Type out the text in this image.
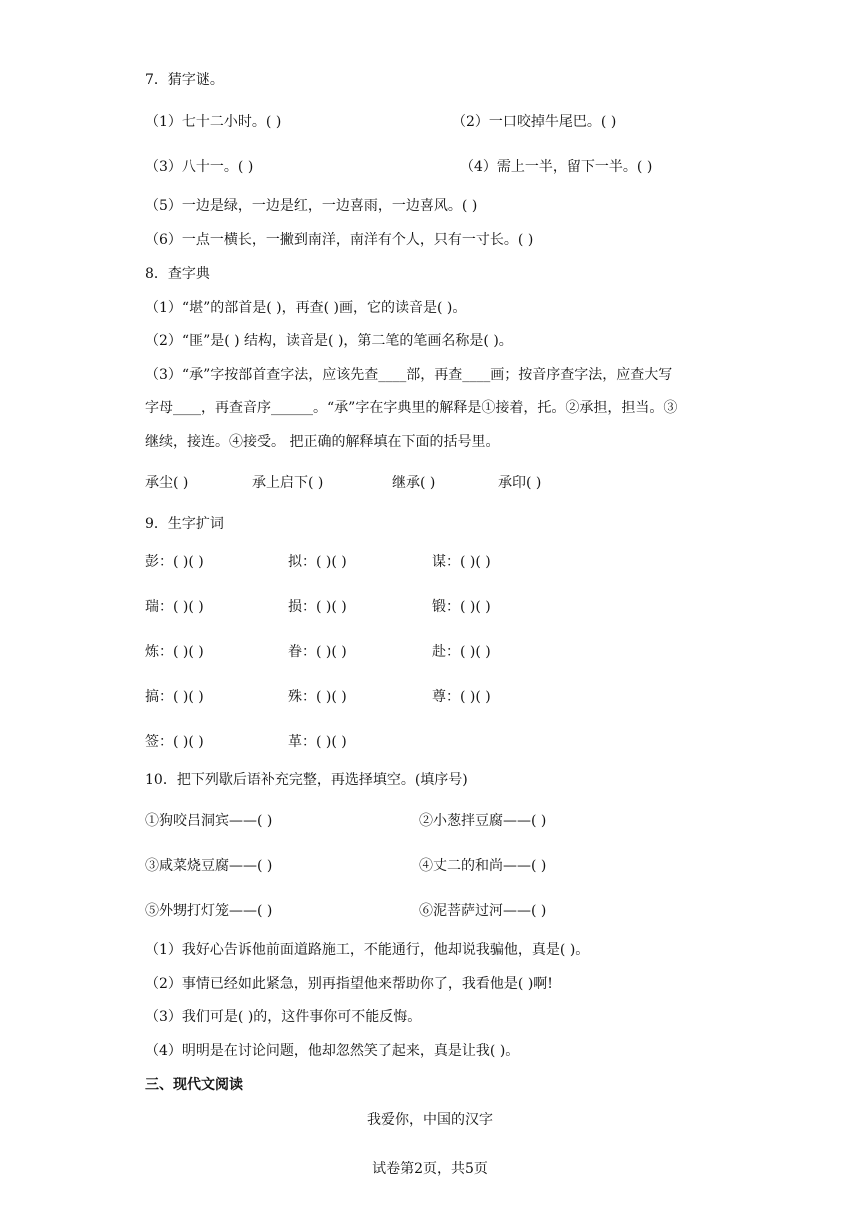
7．猜字谜。
（1）七十二小时。( )	（2）一口咬掉牛尾巴。( )
（3）八十一。( )	（4）需上一半，留下一半。( )
（5）一边是绿，一边是红，一边喜雨，一边喜风。( )
（6）一点一横长，一撇到南洋，南洋有个人，只有一寸长。( )
8．查字典
（1）“堪”的部首是( )，再查( )画，它的读音是( )。
（2）“匪”是( ) 结构，读音是( )，第二笔的笔画名称是( )。
（3）“承”字按部首查字法，应该先查____部，再查____画；按音序查字法，应查大写
字母____，再查音序______。“承”字在字典里的解释是①接着，托。②承担，担当。③
继续，接连。④接受。 把正确的解释填在下面的括号里。
承尘( )	承上启下( )	继承( )	承印( )
9．生字扩词
彭：( )( )	拟：( )( )	谋：( )( )
瑞：( )( )	损：( )( )	锻：( )( )
炼：( )( )	眷：( )( )	赴：( )( )
搞：( )( )	殊：( )( )	尊：( )( )
签：( )( )	革：( )( )
10．把下列歇后语补充完整，再选择填空。(填序号)
①狗咬吕洞宾——( )	②小葱拌豆腐——( )
③咸菜烧豆腐——( )	④丈二的和尚——( )
⑤外甥打灯笼——( )	⑥泥菩萨过河——( )
（1）我好心告诉他前面道路施工，不能通行，他却说我骗他，真是( )。
（2）事情已经如此紧急，别再指望他来帮助你了，我看他是( )啊!
（3）我们可是( )的，这件事你可不能反悔。
（4）明明是在讨论问题，他却忽然笑了起来，真是让我( )。
三、现代文阅读
我爱你，中国的汉字
试卷第2页，共5页
